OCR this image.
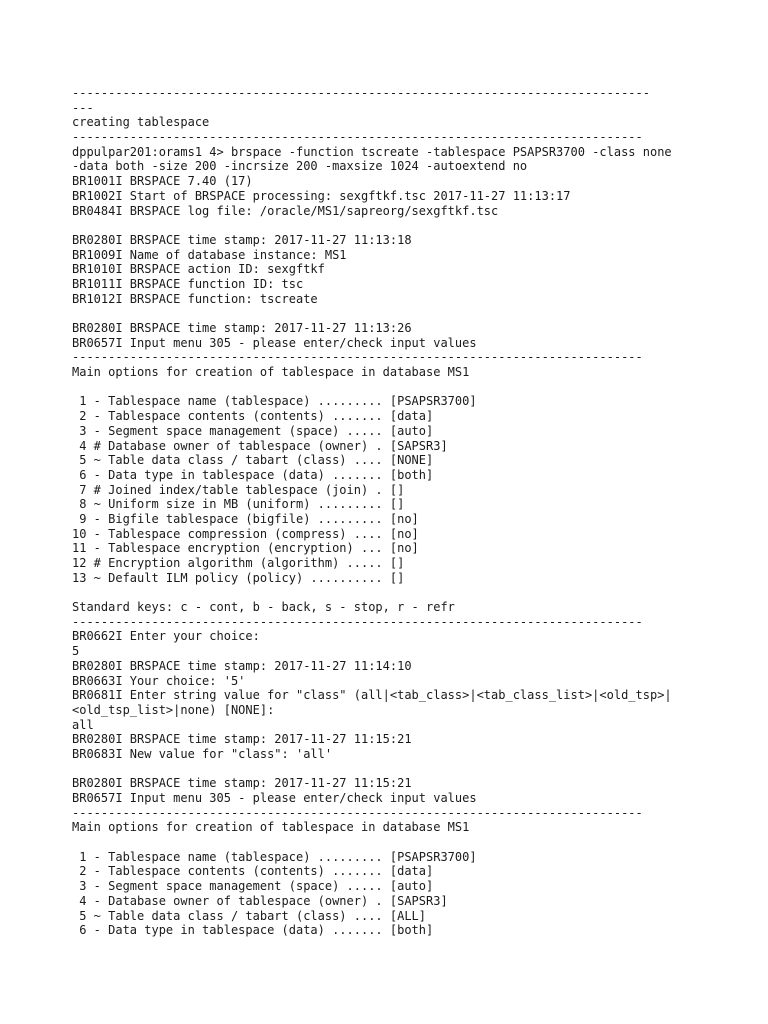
--------------------------------------------------------------------------------
---
creating tablespace
-------------------------------------------------------------------------------
dppulpar201:orams1 4> brspace -function tscreate -tablespace PSAPSR3700 -class none
-data both -size 200 -incrsize 200 -maxsize 1024 -autoextend no
BR1001I BRSPACE 7.40 (17)
BR1002I Start of BRSPACE processing: sexgftkf.tsc 2017-11-27 11:13:17
BR0484I BRSPACE log file: /oracle/MS1/sapreorg/sexgftkf.tsc
BR0280I BRSPACE time stamp: 2017-11-27 11:13:18
BR1009I Name of database instance: MS1
BR1010I BRSPACE action ID: sexgftkf
BR1011I BRSPACE function ID: tsc
BR1012I BRSPACE function: tscreate
BR0280I BRSPACE time stamp: 2017-11-27 11:13:26
BR0657I Input menu 305 - please enter/check input values
-------------------------------------------------------------------------------
Main options for creation of tablespace in database MS1
1 - Tablespace name (tablespace) ......... [PSAPSR3700]
2 - Tablespace contents (contents) ....... [data]
3 - Segment space management (space) ..... [auto]
4 # Database owner of tablespace (owner) . [SAPSR3]
5 ~ Table data class / tabart (class) .... [NONE]
6 - Data type in tablespace (data) ....... [both]
7 # Joined index/table tablespace (join) . []
8 ~ Uniform size in MB (uniform) ......... []
9 - Bigfile tablespace (bigfile) ......... [no]
10 - Tablespace compression (compress) .... [no]
11 - Tablespace encryption (encryption) ... [no]
12 # Encryption algorithm (algorithm) ..... []
13 ~ Default ILM policy (policy) .......... []
Standard keys: c - cont, b - back, s - stop, r - refr
-------------------------------------------------------------------------------
BR0662I Enter your choice:
5
BR0280I BRSPACE time stamp: 2017-11-27 11:14:10
BR0663I Your choice: '5'
BR0681I Enter string value for "class" (all|<tab_class>|<tab_class_list>|<old_tsp>|
<old_tsp_list>|none) [NONE]:
all
BR0280I BRSPACE time stamp: 2017-11-27 11:15:21
BR0683I New value for "class": 'all'
BR0280I BRSPACE time stamp: 2017-11-27 11:15:21
BR0657I Input menu 305 - please enter/check input values
-------------------------------------------------------------------------------
Main options for creation of tablespace in database MS1
1 - Tablespace name (tablespace) ......... [PSAPSR3700]
2 - Tablespace contents (contents) ....... [data]
3 - Segment space management (space) ..... [auto]
4 - Database owner of tablespace (owner) . [SAPSR3]
5 ~ Table data class / tabart (class) .... [ALL]
6 - Data type in tablespace (data) ....... [both]
